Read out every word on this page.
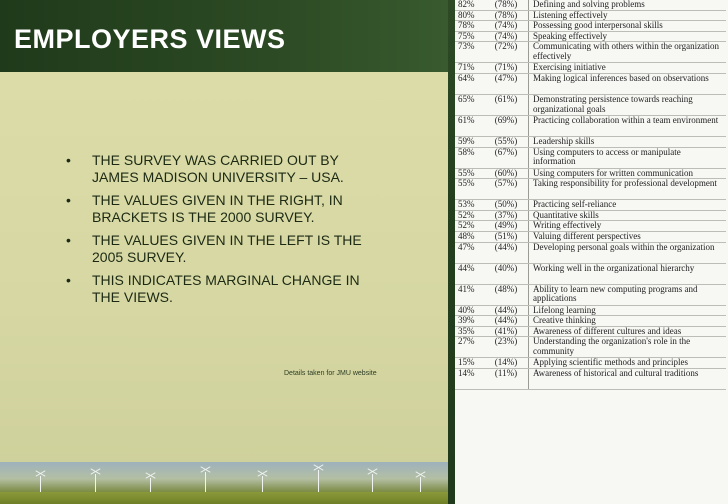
EMPLOYERS VIEWS
• THE SURVEY WAS CARRIED OUT BY JAMES MADISON UNIVERSITY – USA.
• THE VALUES GIVEN IN THE RIGHT, IN BRACKETS IS THE 2000 SURVEY.
• THE VALUES GIVEN IN THE LEFT IS THE 2005 SURVEY.
• THIS INDICATES MARGINAL CHANGE IN THE VIEWS.
Details taken for JMU website
82%	(78%)	Defining and solving problems
80%	(78%)	Listening effectively
78%	(74%)	Possessing good interpersonal skills
75%	(74%)	Speaking effectively
73%	(72%)	Communicating with others within the organization effectively
71%	(71%)	Exercising initiative
64%	(47%)	Making logical inferences based on observations
65%	(61%)	Demonstrating persistence towards reaching organizational goals
61%	(69%)	Practicing collaboration within a team environment
59%	(55%)	Leadership skills
58%	(67%)	Using computers to access or manipulate information
55%	(60%)	Using computers for written communication
55%	(57%)	Taking responsibility for professional development
53%	(50%)	Practicing self-reliance
52%	(37%)	Quantitative skills
52%	(49%)	Writing effectively
48%	(51%)	Valuing different perspectives
47%	(44%)	Developing personal goals within the organization
44%	(40%)	Working well in the organizational hierarchy
41%	(48%)	Ability to learn new computing programs and applications
40%	(44%)	Lifelong learning
39%	(44%)	Creative thinking
35%	(41%)	Awareness of different cultures and ideas
27%	(23%)	Understanding the organization's role in the community
15%	(14%)	Applying scientific methods and principles
14%	(11%)	Awareness of historical and cultural traditions
